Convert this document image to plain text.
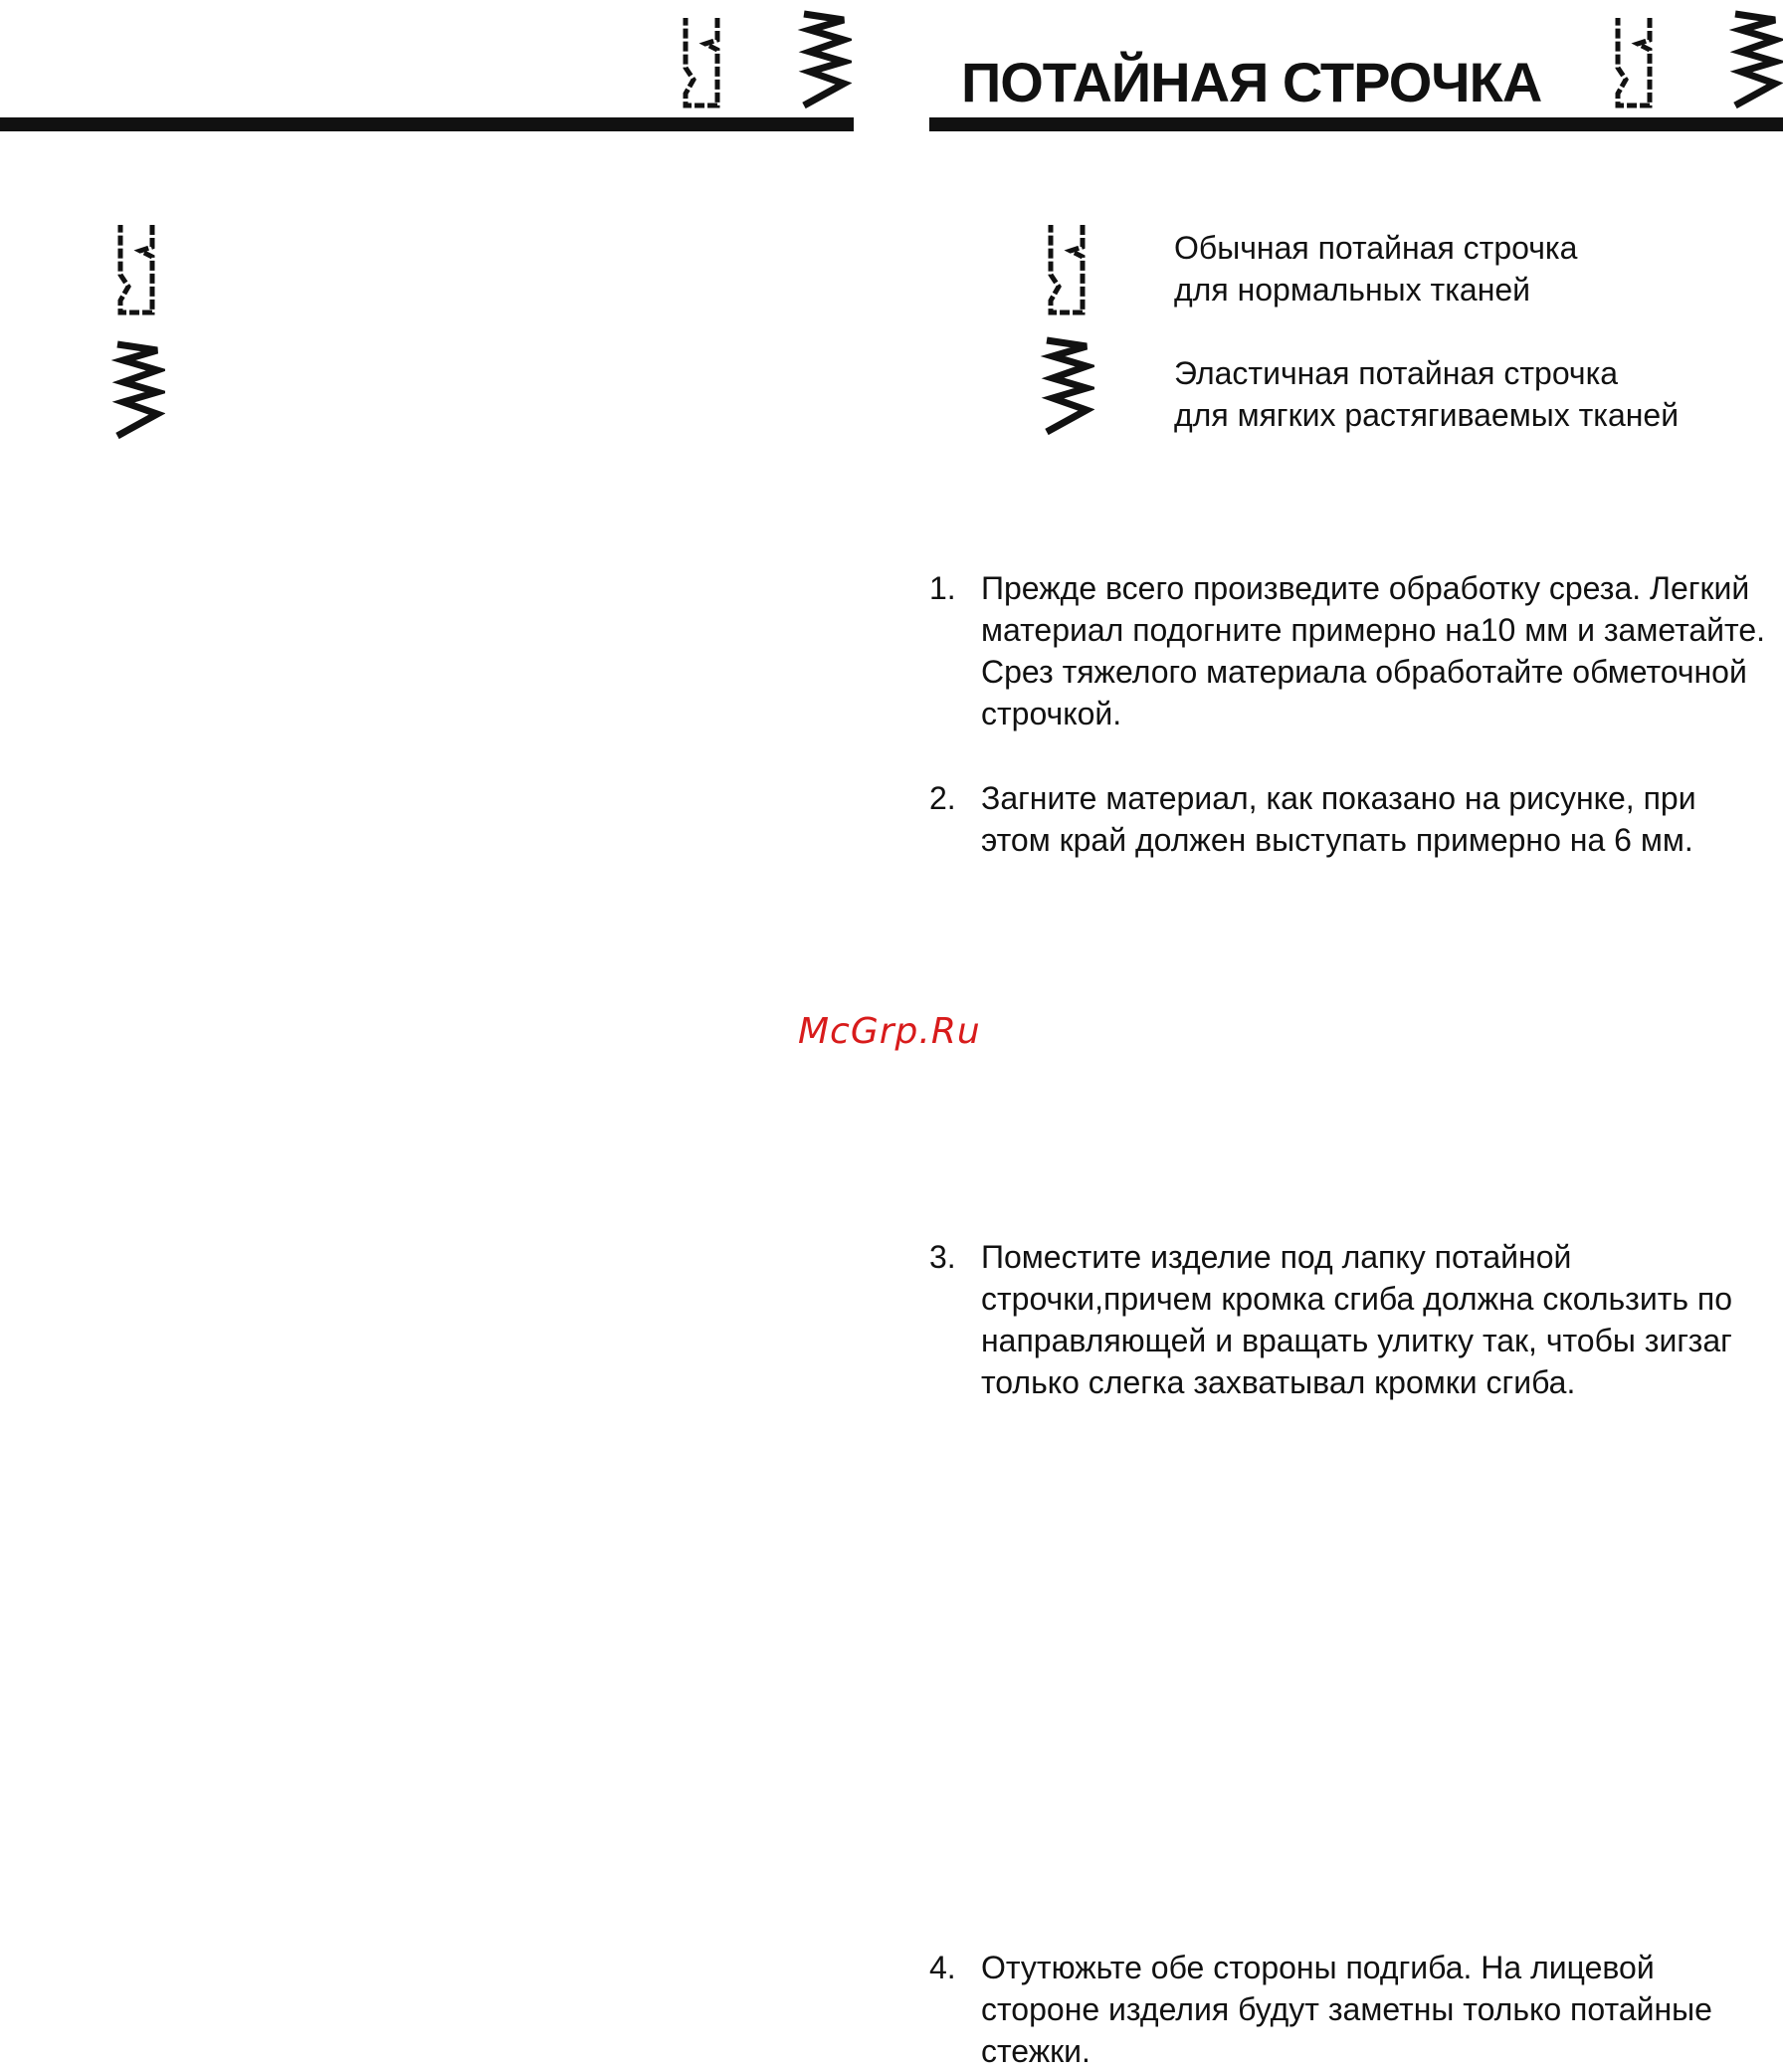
ПОТАЙНАЯ СТРОЧКА
Обычная потайная строчка
для нормальных тканей
Эластичная потайная строчка
для мягких растягиваемых тканей
1. Прежде всего произведите обработку среза. Легкий
материал подогните примерно на10 мм и заметайте.
Срез тяжелого материала обработайте обметочной
строчкой.
2. Загните материал, как показано на рисунке, при
этом край должен выступать примерно на 6 мм.
McGrp.Ru
3. Поместите изделие под лапку потайной
строчки,причем кромка сгиба должна скользить по
направляющей и вращать улитку так, чтобы зигзаг
только слегка захватывал кромки сгиба.
4. Отутюжьте обе стороны подгиба. На лицевой
стороне изделия будут заметны только потайные
стежки.
